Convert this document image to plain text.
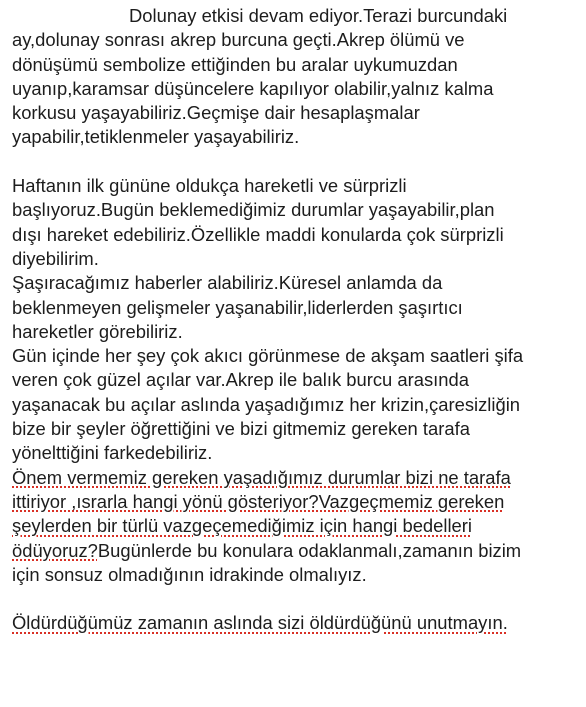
Dolunay etkisi devam ediyor.Terazi burcundaki
ay,dolunay sonrası akrep burcuna geçti.Akrep ölümü ve
dönüşümü sembolize ettiğinden bu aralar uykumuzdan
uyanıp,karamsar düşüncelere kapılıyor olabilir,yalnız kalma
korkusu yaşayabiliriz.Geçmişe dair hesaplaşmalar
yapabilir,tetiklenmeler yaşayabiliriz.
Haftanın ilk gününe oldukça hareketli ve sürprizli
başlıyoruz.Bugün beklemediğimiz durumlar yaşayabilir,plan
dışı hareket edebiliriz.Özellikle maddi konularda çok sürprizli
diyebilirim.
Şaşıracağımız haberler alabiliriz.Küresel anlamda da
beklenmeyen gelişmeler yaşanabilir,liderlerden şaşırtıcı
hareketler görebiliriz.
Gün içinde her şey çok akıcı görünmese de akşam saatleri şifa
veren çok güzel açılar var.Akrep ile balık burcu arasında
yaşanacak bu açılar aslında yaşadığımız her krizin,çaresizliğin
bize bir şeyler öğrettiğini ve bizi gitmemiz gereken tarafa
yönelttiğini farkedebiliriz.
Önem vermemiz gereken yaşadığımız durumlar bizi ne tarafa
ittiriyor ,ısrarla hangi yönü gösteriyor?Vazgeçmemiz gereken
şeylerden bir türlü vazgeçemediğimiz için hangi bedelleri
ödüyoruz?Bugünlerde bu konulara odaklanmalı,zamanın bizim
için sonsuz olmadığının idrakinde olmalıyız.
Öldürdüğümüz zamanın aslında sizi öldürdüğünü unutmayın.
